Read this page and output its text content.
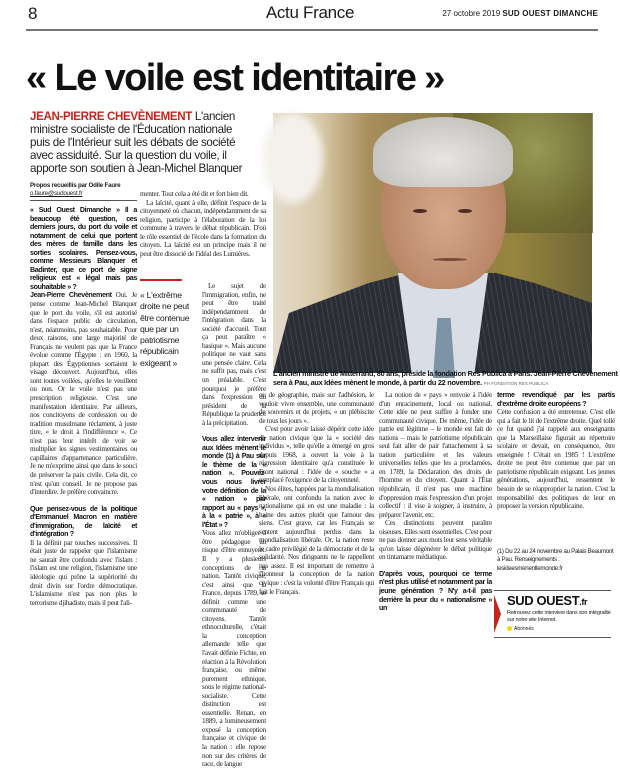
8	Actu France	27 octobre 2019 SUD OUEST DIMANCHE
« Le voile est identitaire »
JEAN-PIERRE CHEVÈNEMENT L'ancien ministre socialiste de l'Éducation nationale puis de l'Intérieur suit les débats de société avec assiduité. Sur la question du voile, il apporte son soutien à Jean-Michel Blanquer
Propos recueillis par Odile Faure
o.faure@sudouest.fr

« Sud Ouest Dimanche » Il a beaucoup été question, ces derniers jours, du port du voile et notamment de celui que portent des mères de famille dans les sorties scolaires. Pensez-vous, comme Messieurs Blanquer et Badinter, que ce port de signe religieux est « légal mais pas souhaitable » ?

Jean-Pierre Chevènement Oui. Je pense comme Jean-Michel Blanquer que le port du voile, s'il est autorisé dans l'espace public de circulation, n'est, néanmoins, pas souhaitable. Pour deux raisons, une large majorité de Français ne veulent pas que la France évolue comme l'Égypte : en 1960, la plupart des Égyptiennes sortaient le visage découvert. Aujourd'hui, elles sont toutes voilées, qu'elles le veuillent ou non. Or le voile n'est pas une prescription religieuse. C'est une manifestation identitaire. Par ailleurs, nos concitoyens de confession ou de tradition musulmane réclament, à juste titre, « le droit à l'indifférence ». Ce n'est pas leur intérêt de voir se multiplier les signes vestimentaires ou capillaires d'appartenance particulière. Je ne m'exprime ainsi que dans le souci de préserver la paix civile. Cela dit, ce n'est qu'un conseil. Je ne propose pas d'interdire. Je préfère convaincre.

Que pensez-vous de la politique d'Emmanuel Macron en matière d'immigration, de laïcité et d'intégration ?

Il la définit par touches successives. Il était juste de rappeler que l'islamisme ne saurait être confondu avec l'islam : l'islam est une religion, l'islamisme une idéologie qui prône la supériorité du droit divin sur l'ordre démocratique. L'islamisme n'est pas non plus le terrorisme djihadiste, mais il peut l'ali-

menter. Tout cela a été dit et fort bien dit.

La laïcité, quant à elle, définit l'espace de la citoyenneté où chacun, indépendamment de sa religion, participe à l'élaboration de la loi commune à travers le débat républicain. D'où le rôle essentiel de l'école dans la formation du citoyen. La laïcité est un principe mais il ne peut être dissocié de l'idéal des Lumières.

« L'extrême droite ne peut être contenue que par un patriotisme républicain exigeant »

Le sujet de l'immigration, enfin, ne peut être traité indépendamment de l'intégration dans la société d'accueil. Tout ça peut paraître « basique ». Mais aucune politique ne vaut sans une pensée claire. Cela ne suffit pas, mais c'est un préalable. C'est pourquoi je préfère dans l'expression du président de la République la prudence à la précipitation.

Vous allez intervenir aux Idées mènent le monde (1) à Pau sur le thème de la « nation ». Pouvez-vous nous livrer votre définition de la « nation » par rapport au « pays », à la « patrie », à « l'État » ?

Vous allez m'obliger à être pédagogue au risque d'être ennuyeux. Il y a plusieurs conceptions de la nation. Tantôt civique, c'est ainsi que la France, depuis 1789, se définit comme une communauté de citoyens. Tantôt ethnoculturelle, c'était la conception allemande telle que l'avait définie Fichte, en réaction à la Révolution française, ou même purement ethnique, sous le régime national-socialiste. Cette distinction est essentielle. Renan, en 1889, a lumineusement exposé la conception française et civique de la nation : elle repose non sur des critères de race, de langue

L'ancien ministre de Mitterrand, 80 ans, préside la fondation Res Publica à Paris. Jean-Pierre Chevènement sera à Pau, aux Idées mènent le monde, à partir du 22 novembre. PH FONDATION RES PUBLICA

ou de géographie, mais sur l'adhésion, le vouloir vivre ensemble, une communauté de souvenirs et de projets, « un plébiscite de tous les jours ».

C'est pour avoir laissé dépérir cette idée de nation civique que la « société des individus », telle qu'elle a émergé en gros depuis 1968, a ouvert la voie à la régression identitaire qu'a constituée le Front national : l'idée de « souche » a remplacé l'exigence de la citoyenneté.

Nos élites, happées par la mondialisation libérale, ont confondu la nation avec le nationalisme qui en est une maladie : la haine des autres plutôt que l'amour des siens. C'est grave, car les Français se sentent aujourd'hui perdus dans la mondialisation libérale. Or, la nation reste le cadre privilégié de la démocratie et de la solidarité. Nos dirigeants ne le rappellent pas assez. Il est important de remettre à l'honneur la conception de la nation civique : c'est la volonté d'être Français qui fait le Français.

La notion de « pays » renvoie à l'idée d'un enracinement, local ou national. Cette idée ne peut suffire à fonder une communauté civique. De même, l'idée de patrie est légitime – le monde est fait de nations – mais le patriotisme républicain seul fait aller de pair l'attachement à sa nation particulière et les valeurs universelles telles que les a proclamées, en 1789, la Déclaration des droits de l'homme et du citoyen. Quant à l'État républicain, il n'est pas une machine d'oppression mais l'expression d'un projet collectif : il vise à soigner, à instruire, à préparer l'avenir, etc.

Ces distinctions peuvent paraître oiseuses. Elles sont essentielles. C'est pour ne pas donner aux mots leur sens véritable qu'on laisse dégénérer le débat politique en tintamarre médiatique.

D'après vous, pourquoi ce terme n'est plus utilisé et notamment par la jeune génération ? N'y a-t-il pas derrière la peur du « nationalisme » un

terme revendiqué par les partis d'extrême droite européens ?

Cette confusion a été entretenue. C'est elle qui a fait le lit de l'extrême droite. Quel tollé ce fut quand j'ai rappelé aux enseignants que la Marseillaise figurait au répertoire scolaire et devait, en conséquence, être enseignée ! C'était en 1985 ! L'extrême droite ne peut être contenue que par un patriotisme républicain exigeant. Les jeunes générations, aujourd'hui, ressentent le besoin de se réapproprier la nation. C'est la responsabilité des politiques de leur en proposer la version républicaine.

(1) Du 22 au 24 novembre au Palais Beaumont à Pau. Renseignements : lesideesmenentlemonde.fr
SUD OUEST.fr
Retrouvez cette interview dans son intégralité sur notre site Internet.
Abonnés
